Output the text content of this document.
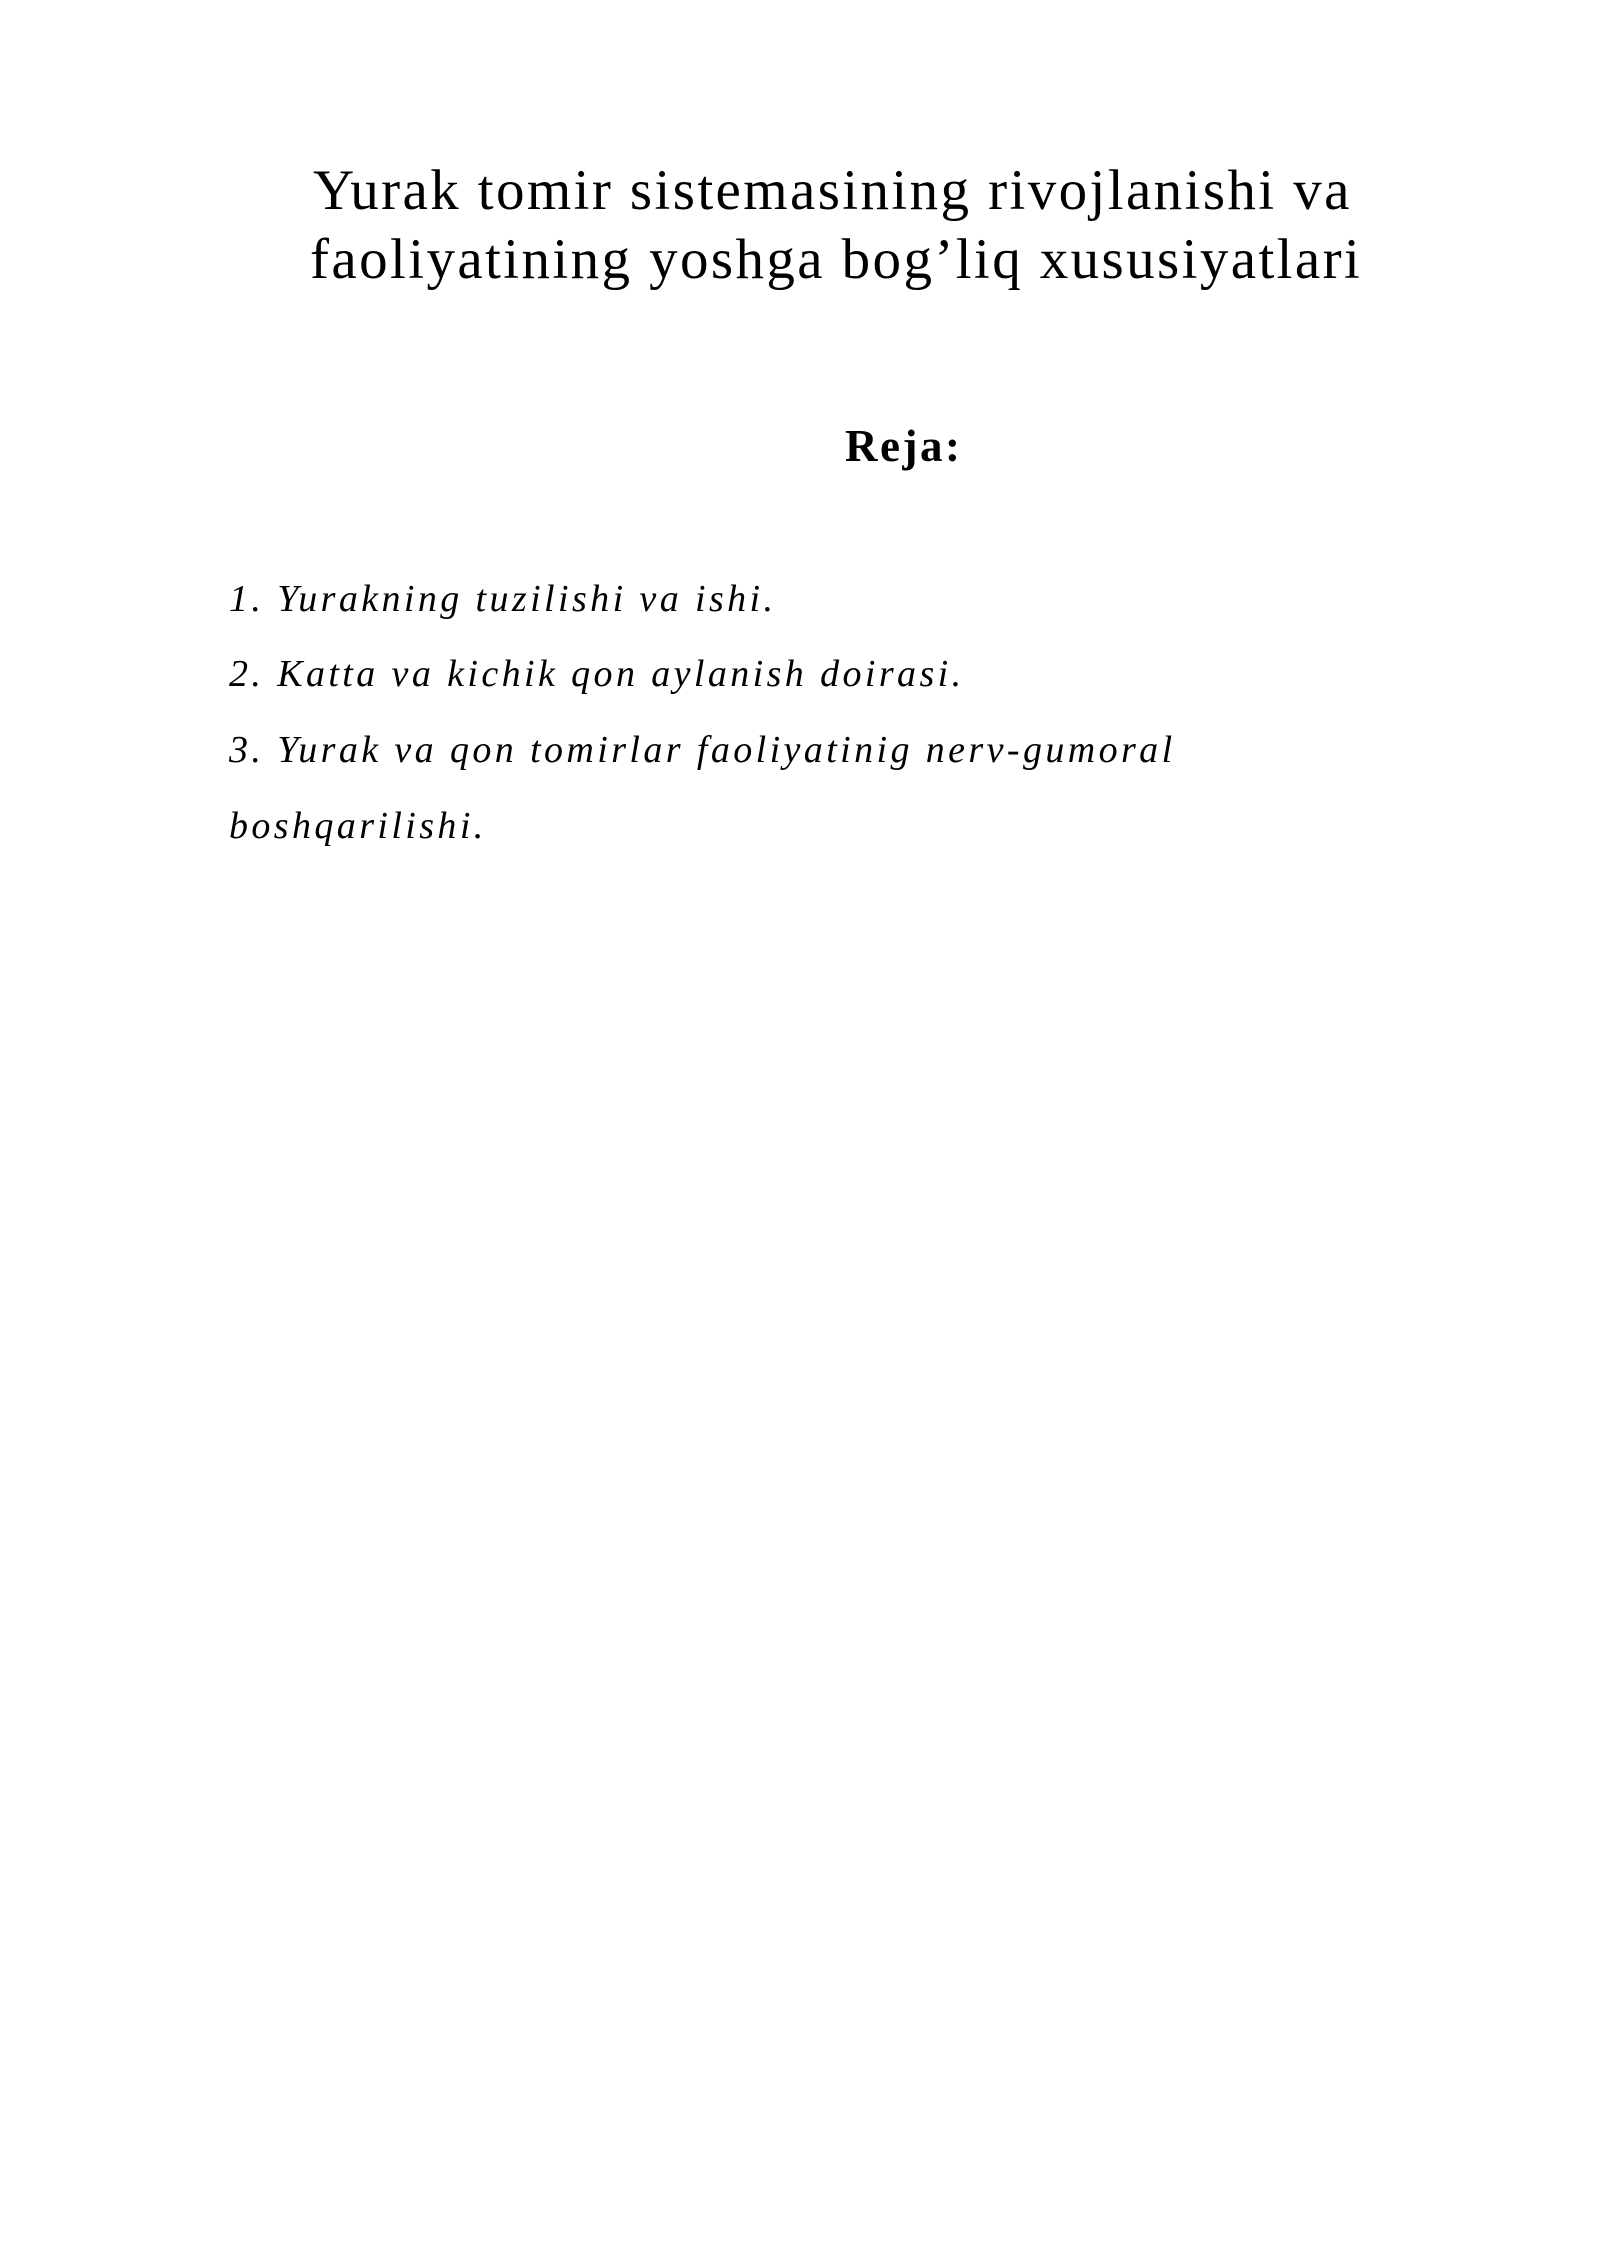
Yurak tomir sistemasining rivojlanishi va
faoliyatining yoshga bog’liq xususiyatlari
Reja:
1. Yurakning tuzilishi va ishi.
2. Katta va kichik qon aylanish doirasi.
3. Yurak va qon tomirlar faoliyatinig nerv-gumoral
boshqarilishi.
